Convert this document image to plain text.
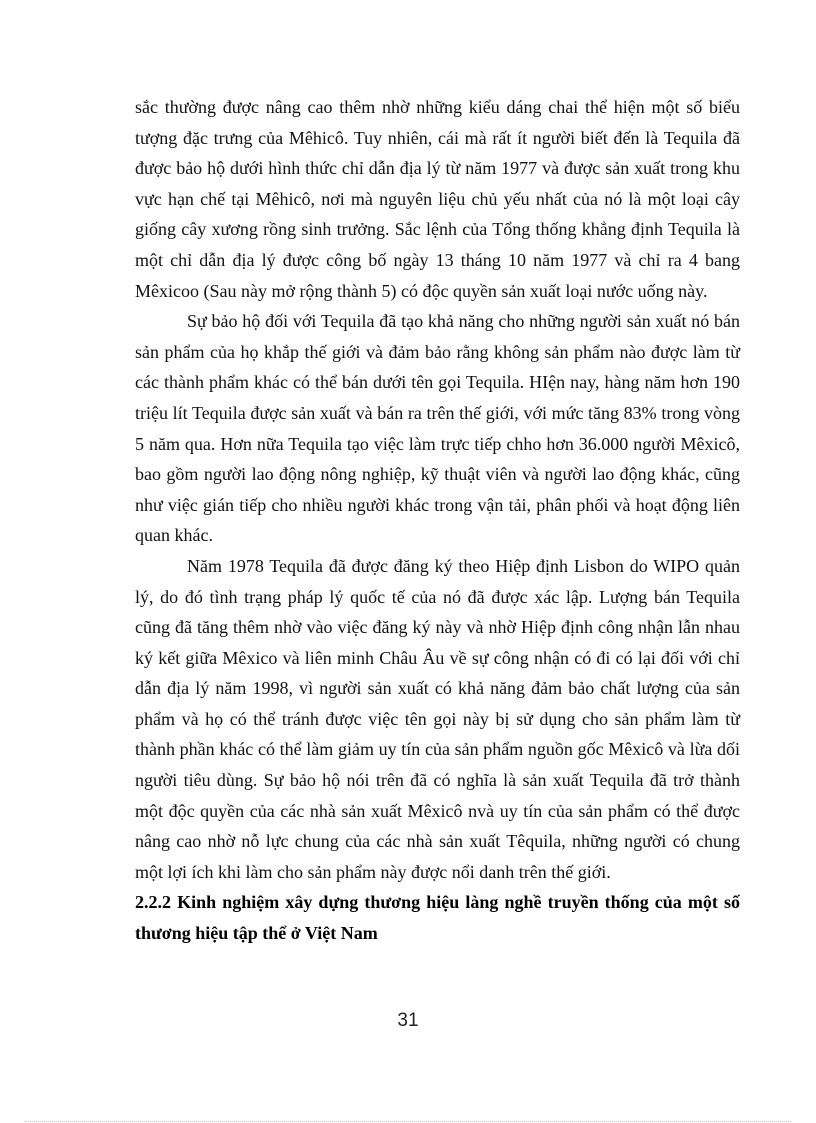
sắc thường được nâng cao thêm nhờ những kiểu dáng chai thể hiện một số biểu tượng đặc trưng của Mêhicô. Tuy nhiên, cái mà rất ít người biết đến là Tequila đã được bảo hộ dưới hình thức chỉ dẫn địa lý từ năm 1977 và được sản xuất trong khu vực hạn chế tại Mêhicô, nơi mà nguyên liệu chủ yếu nhất của nó là một loại cây giống cây xương rồng sinh trưởng. Sắc lệnh của Tổng thống khẳng định Tequila là một chỉ dẫn địa lý được công bố ngày 13 tháng 10 năm 1977 và chỉ ra 4 bang Mêxicoo (Sau này mở rộng thành 5) có độc quyền sản xuất loại nước uống này.

Sự bảo hộ đối với Tequila đã tạo khả năng cho những người sản xuất nó bán sản phẩm của họ khắp thế giới và đảm bảo rằng không sản phẩm nào được làm từ các thành phẩm khác có thể bán dưới tên gọi Tequila. HIện nay, hàng năm hơn 190 triệu lít Tequila được sản xuất và bán ra trên thế giới, với mức tăng 83% trong vòng 5 năm qua. Hơn nữa Tequila tạo việc làm trực tiếp chho hơn 36.000 người Mêxicô, bao gồm người lao động nông nghiệp, kỹ thuật viên và người lao động khác, cũng như việc gián tiếp cho nhiều người khác trong vận tải, phân phối và hoạt động liên quan khác.

Năm 1978 Tequila đã được đăng ký theo Hiệp định Lisbon do WIPO quản lý, do đó tình trạng pháp lý quốc tế của nó đã được xác lập. Lượng bán Tequila cũng đã tăng thêm nhờ vào việc đăng ký này và nhờ Hiệp định công nhận lẫn nhau ký kết giữa Mêxico và liên minh Châu Âu về sự công nhận có đi có lại đối với chỉ dẫn địa lý năm 1998, vì người sản xuất có khả năng đảm bảo chất lượng của sản phẩm và họ có thể tránh được việc tên gọi này bị sử dụng cho sản phẩm làm từ thành phần khác có thể làm giảm uy tín của sản phẩm nguồn gốc Mêxicô và lừa dối người tiêu dùng. Sự bảo hộ nói trên đã có nghĩa là sản xuất Tequila đã trở thành một độc quyền của các nhà sản xuất Mêxicô nvà uy tín của sản phẩm có thể được nâng cao nhờ nỗ lực chung của các nhà sản xuất Têquila, những người có chung một lợi ích khi làm cho sản phẩm này được nổi danh trên thế giới.

2.2.2 Kinh nghiệm xây dựng thương hiệu làng nghề truyền thống của một số thương hiệu tập thể ở Việt Nam
31
